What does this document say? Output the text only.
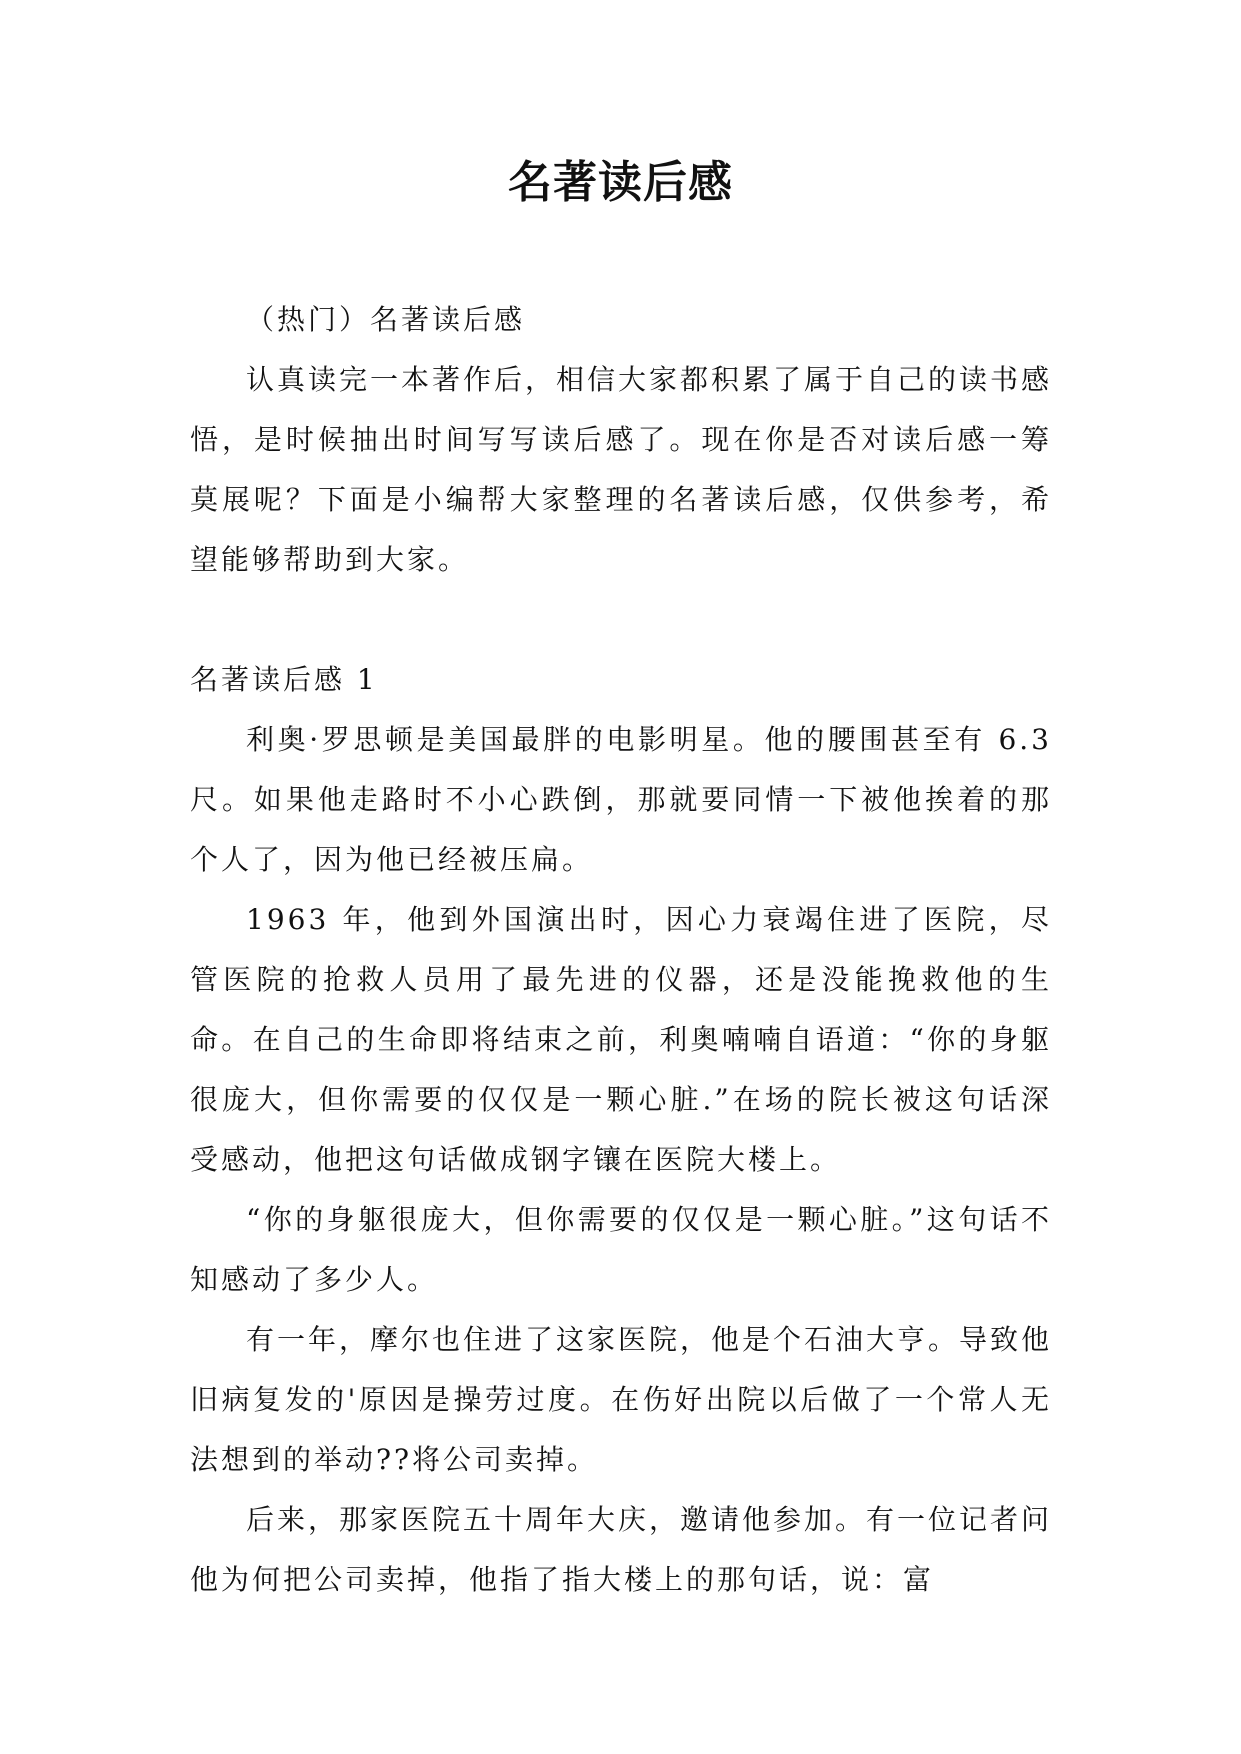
名著读后感

（热门）名著读后感

认真读完一本著作后，相信大家都积累了属于自己的读书感悟，是时候抽出时间写写读后感了。现在你是否对读后感一筹莫展呢？下面是小编帮大家整理的名著读后感，仅供参考，希望能够帮助到大家。

名著读后感 1

利奥·罗思顿是美国最胖的电影明星。他的腰围甚至有 6.3 尺。如果他走路时不小心跌倒，那就要同情一下被他挨着的那个人了，因为他已经被压扁。

1963 年，他到外国演出时，因心力衰竭住进了医院，尽管医院的抢救人员用了最先进的仪器，还是没能挽救他的生命。在自己的生命即将结束之前，利奥喃喃自语道：“你的身躯很庞大，但你需要的仅仅是一颗心脏.”在场的院长被这句话深受感动，他把这句话做成钢字镶在医院大楼上。

“你的身躯很庞大，但你需要的仅仅是一颗心脏。”这句话不知感动了多少人。

有一年，摩尔也住进了这家医院，他是个石油大亨。导致他旧病复发的'原因是操劳过度。在伤好出院以后做了一个常人无法想到的举动??将公司卖掉。

后来，那家医院五十周年大庆，邀请他参加。有一位记者问他为何把公司卖掉，他指了指大楼上的那句话，说：富
